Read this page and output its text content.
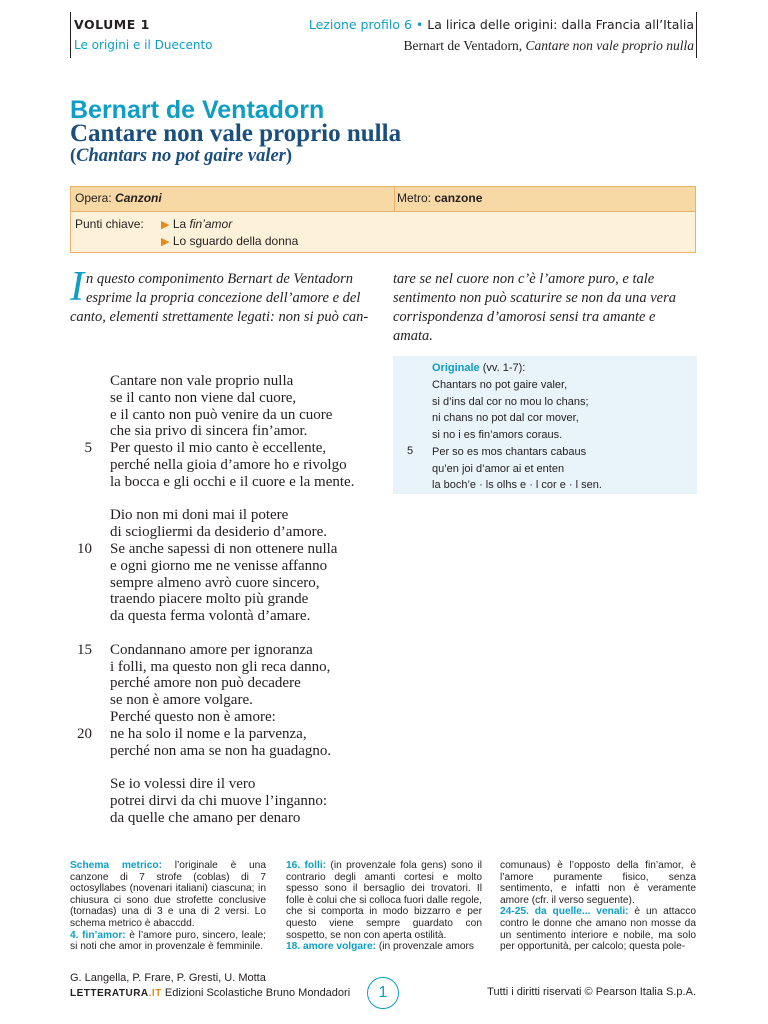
VOLUME 1
Le origini e il Duecento
Lezione profilo 6 • La lirica delle origini: dalla Francia all’Italia
Bernart de Ventadorn, Cantare non vale proprio nulla
Bernart de Ventadorn
Cantare non vale proprio nulla
(Chantars no pot gaire valer)
Opera: Canzoni	Metro: canzone
Punti chiave: ▶ La fin’amor
▶ Lo sguardo della donna
In questo componimento Bernart de Ventadorn esprime la propria concezione dell’amore e del canto, elementi strettamente legati: non si può can-
tare se nel cuore non c’è l’amore puro, e tale sentimento non può scaturire se non da una vera corrispondenza d’amorosi sensi tra amante e amata.
Cantare non vale proprio nulla
se il canto non viene dal cuore,
e il canto non può venire da un cuore
che sia privo di sincera fin’amor.
Per questo il mio canto è eccellente,
5
perché nella gioia d’amore ho e rivolgo
la bocca e gli occhi e il cuore e la mente.
Dio non mi doni mai il potere
di sciogliermi da desiderio d’amore.
Se anche sapessi di non ottenere nulla
10
e ogni giorno me ne venisse affanno
sempre almeno avrò cuore sincero,
traendo piacere molto più grande
da questa ferma volontà d’amare.
Condannano amore per ignoranza
15
i folli, ma questo non gli reca danno,
perché amore non può decadere
se non è amore volgare.
Perché questo non è amore:
ne ha solo il nome e la parvenza,
20
perché non ama se non ha guadagno.
Se io volessi dire il vero
potrei dirvi da chi muove l’inganno:
da quelle che amano per denaro
Originale (vv. 1-7):
Chantars no pot gaire valer,
si d’ins dal cor no mou lo chans;
ni chans no pot dal cor mover,
si no i es fin’amors coraus.
Per so es mos chantars cabaus
qu’en joi d’amor ai et enten
la boch’e · ls olhs e · l cor e · l sen.
5
Schema metrico: l’originale è una canzone di 7 strofe (coblas) di 7 octosyllabes (novenari italiani) ciascuna; in chiusura ci sono due strofette conclusive (tornadas) una di 3 e una di 2 versi. Lo schema metrico è abaccdd.
4. fin’amor: è l’amore puro, sincero, leale; si noti che amor in provenzale è femminile.
16. folli: (in provenzale fola gens) sono il contrario degli amanti cortesi e molto spesso sono il bersaglio dei trovatori. Il folle è colui che si colloca fuori dalle regole, che si comporta in modo bizzarro e per questo viene sempre guardato con sospetto, se non con aperta ostilità.
18. amore volgare: (in provenzale amors
comunaus) è l’opposto della fin’amor, è l’amore puramente fisico, senza sentimento, e infatti non è veramente amore (cfr. il verso seguente).
24-25. da quelle... venali: è un attacco contro le donne che amano non mosse da un sentimento interiore e nobile, ma solo per opportunità, per calcolo; questa pole-
G. Langella, P. Frare, P. Gresti, U. Motta
LETTERATURA.IT Edizioni Scolastiche Bruno Mondadori	1	Tutti i diritti riservati © Pearson Italia S.p.A.
